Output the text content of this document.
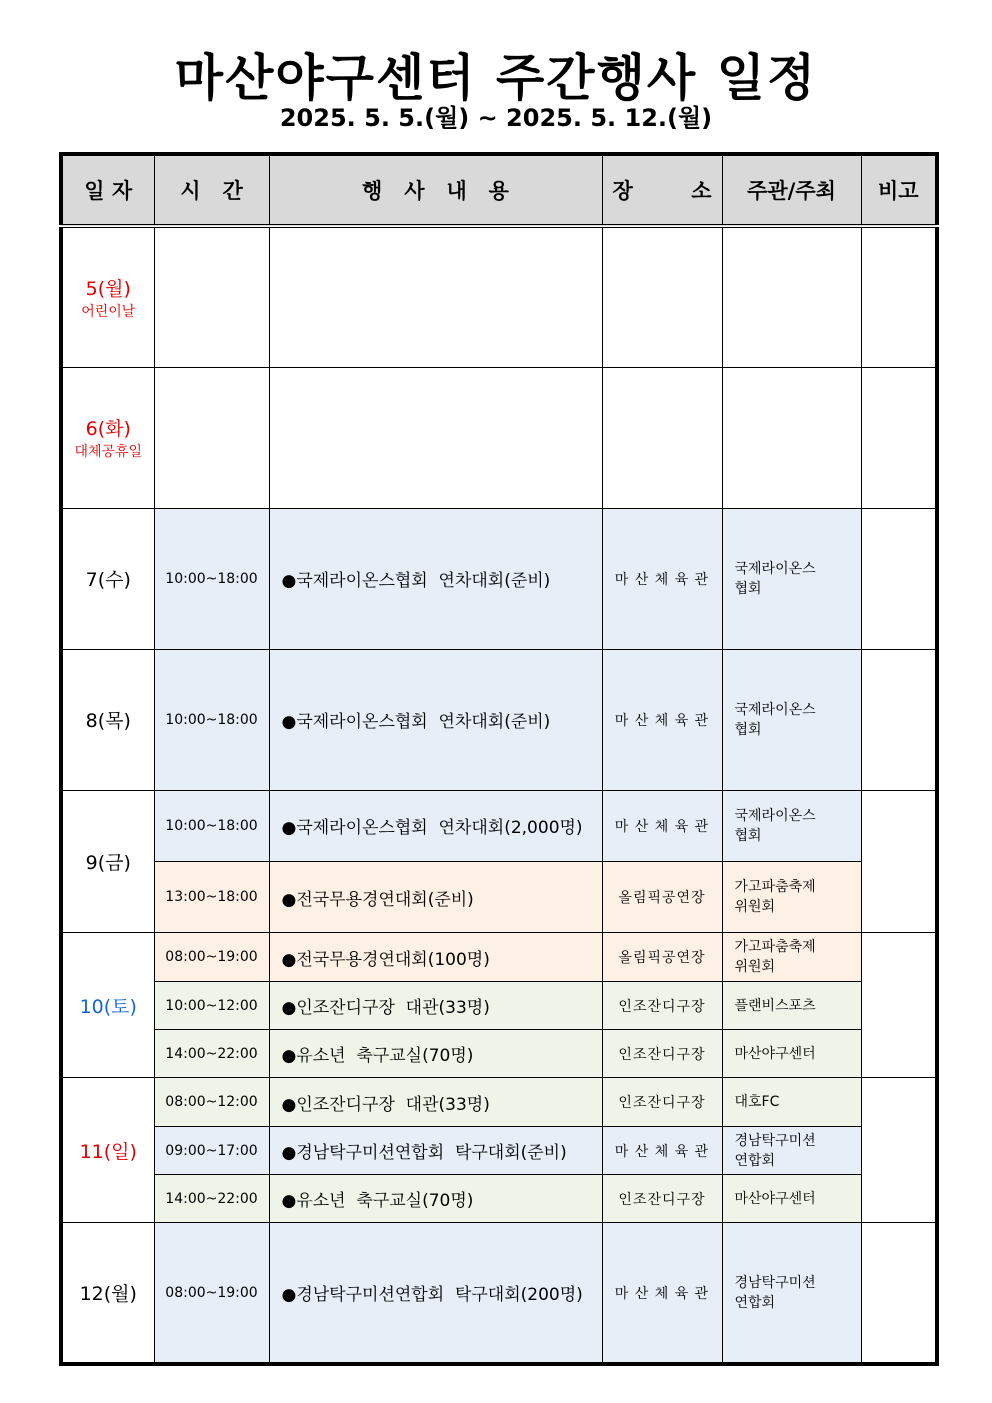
마산야구센터 주간행사 일정
2025. 5. 5.(월) ~ 2025. 5. 12.(월)
일 자	시   간	행   사   내   용	장        소	주관/주최	비고
5(월)
어린이날					

6(화)
대체공휴일					

7(수)	10:00~18:00	●국제라이온스협회  연차대회(준비)	마 산 체 육 관	국제라이온스
협회	

8(목)	10:00~18:00	●국제라이온스협회  연차대회(준비)	마 산 체 육 관	국제라이온스
협회	

9(금)	10:00~18:00	●국제라이온스협회  연차대회(2,000명)	마 산 체 육 관	국제라이온스
협회	

	13:00~18:00	●전국무용경연대회(준비)	올림픽공연장	가고파춤축제
위원회	

10(토)	08:00~19:00	●전국무용경연대회(100명)	올림픽공연장	가고파춤축제
위원회	

	10:00~12:00	●인조잔디구장  대관(33명)	인조잔디구장	플랜비스포츠	

	14:00~22:00	●유소년  축구교실(70명)	인조잔디구장	마산야구센터	

11(일)	08:00~12:00	●인조잔디구장  대관(33명)	인조잔디구장	대호FC	

	09:00~17:00	●경남탁구미션연합회  탁구대회(준비)	마 산 체 육 관	경남탁구미션
연합회	

	14:00~22:00	●유소년  축구교실(70명)	인조잔디구장	마산야구센터	

12(월)	08:00~19:00	●경남탁구미션연합회  탁구대회(200명)	마 산 체 육 관	경남탁구미션
연합회	
